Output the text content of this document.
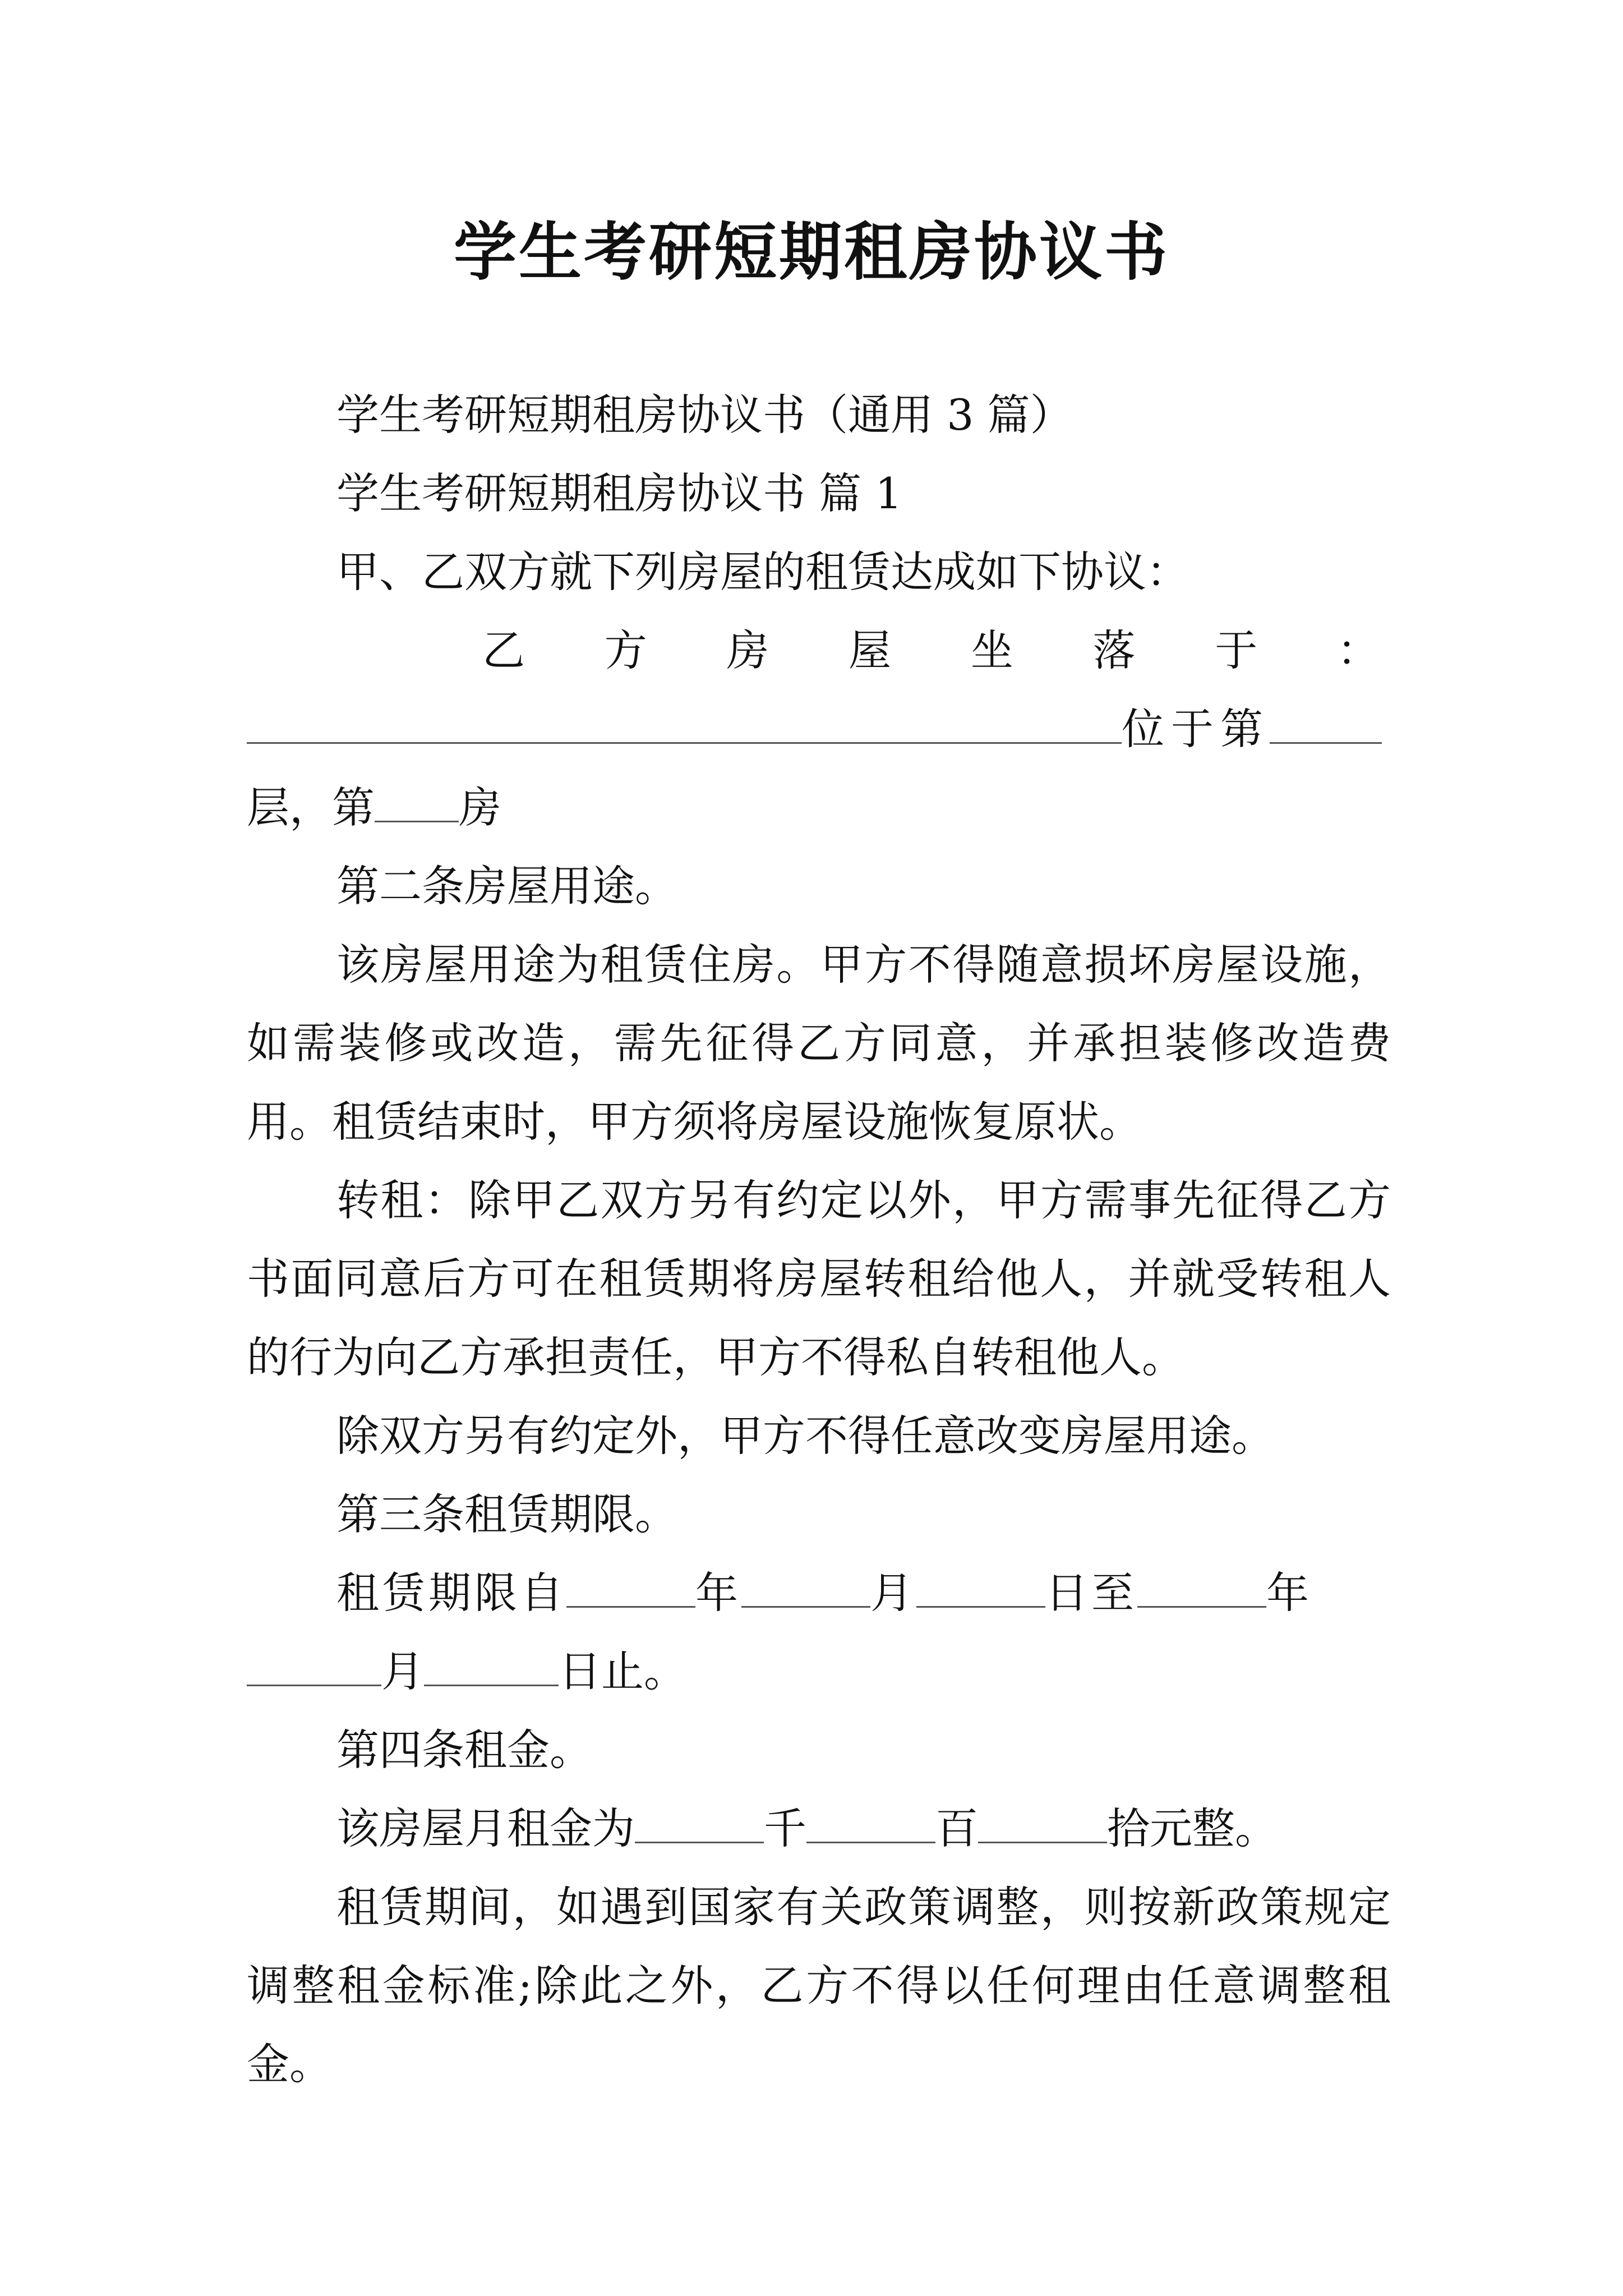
学生考研短期租房协议书

学生考研短期租房协议书（通用 3 篇）

学生考研短期租房协议书 篇 1

甲、乙双方就下列房屋的租赁达成如下协议：

乙 方 房 屋 坐 落 于 ：

位于第

层，第 房

第二条房屋用途。

该房屋用途为租赁住房。甲方不得随意损坏房屋设施，如需装修或改造，需先征得乙方同意，并承担装修改造费用。租赁结束时，甲方须将房屋设施恢复原状。

转租：除甲乙双方另有约定以外，甲方需事先征得乙方书面同意后方可在租赁期将房屋转租给他人，并就受转租人的行为向乙方承担责任，甲方不得私自转租他人。

除双方另有约定外，甲方不得任意改变房屋用途。

第三条租赁期限。

租赁期限自	年	月	日至	年

月	日止。

第四条租金。

该房屋月租金为	千	百	拾元整。

租赁期间，如遇到国家有关政策调整，则按新政策规定调整租金标准;除此之外，乙方不得以任何理由任意调整租金。
